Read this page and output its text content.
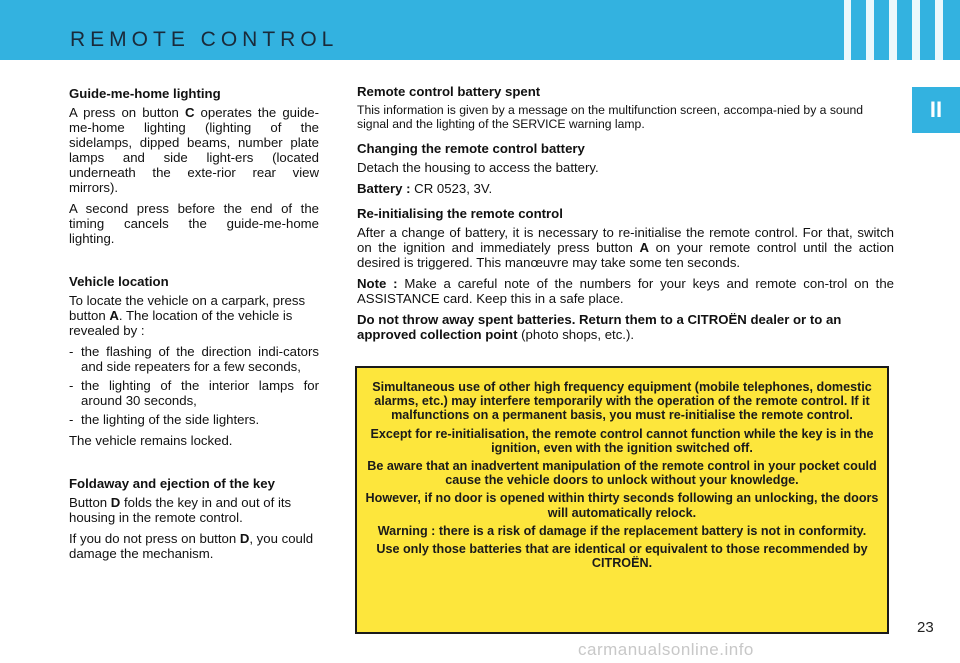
REMOTE CONTROL
II
Guide-me-home lighting

A press on button C operates the guide-me-home lighting (lighting of the sidelamps, dipped beams, number plate lamps and side light-ers (located underneath the exte-rior rear view mirrors).

A second press before the end of the timing cancels the guide-me-home lighting.

Vehicle location

To locate the vehicle on a carpark, press button A. The location of the vehicle is revealed by :

- the flashing of the direction indi-cators and side repeaters for a few seconds,
- the lighting of the interior lamps for around 30 seconds,
- the lighting of the side lighters.

The vehicle remains locked.

Foldaway and ejection of the key

Button D folds the key in and out of its housing in the remote control.

If you do not press on button D, you could damage the mechanism.

Remote control battery spent

This information is given by a message on the multifunction screen, accompa-nied by a sound signal and the lighting of the SERVICE warning lamp.

Changing the remote control battery

Detach the housing to access the battery.

Battery : CR 0523, 3V.

Re-initialising the remote control

After a change of battery, it is necessary to re-initialise the remote control. For that, switch on the ignition and immediately press button A on your remote control until the action desired is triggered. This manœuvre may take some ten seconds.

Note : Make a careful note of the numbers for your keys and remote con-trol on the ASSISTANCE card. Keep this in a safe place.

Do not throw away spent batteries. Return them to a CITROËN dealer or to an approved collection point (photo shops, etc.).

Simultaneous use of other high frequency equipment (mobile telephones, domestic alarms, etc.) may interfere temporarily with the operation of the remote control. If it malfunctions on a permanent basis, you must re-initialise the remote control.

Except for re-initialisation, the remote control cannot function while the key is in the ignition, even with the ignition switched off.

Be aware that an inadvertent manipulation of the remote control in your pocket could cause the vehicle doors to unlock without your knowledge.

However, if no door is opened within thirty seconds following an unlocking, the doors will automatically relock.

Warning : there is a risk of damage if the replacement battery is not in conformity.

Use only those batteries that are identical or equivalent to those recommended by CITROËN.

23
carmanualsonline.info
